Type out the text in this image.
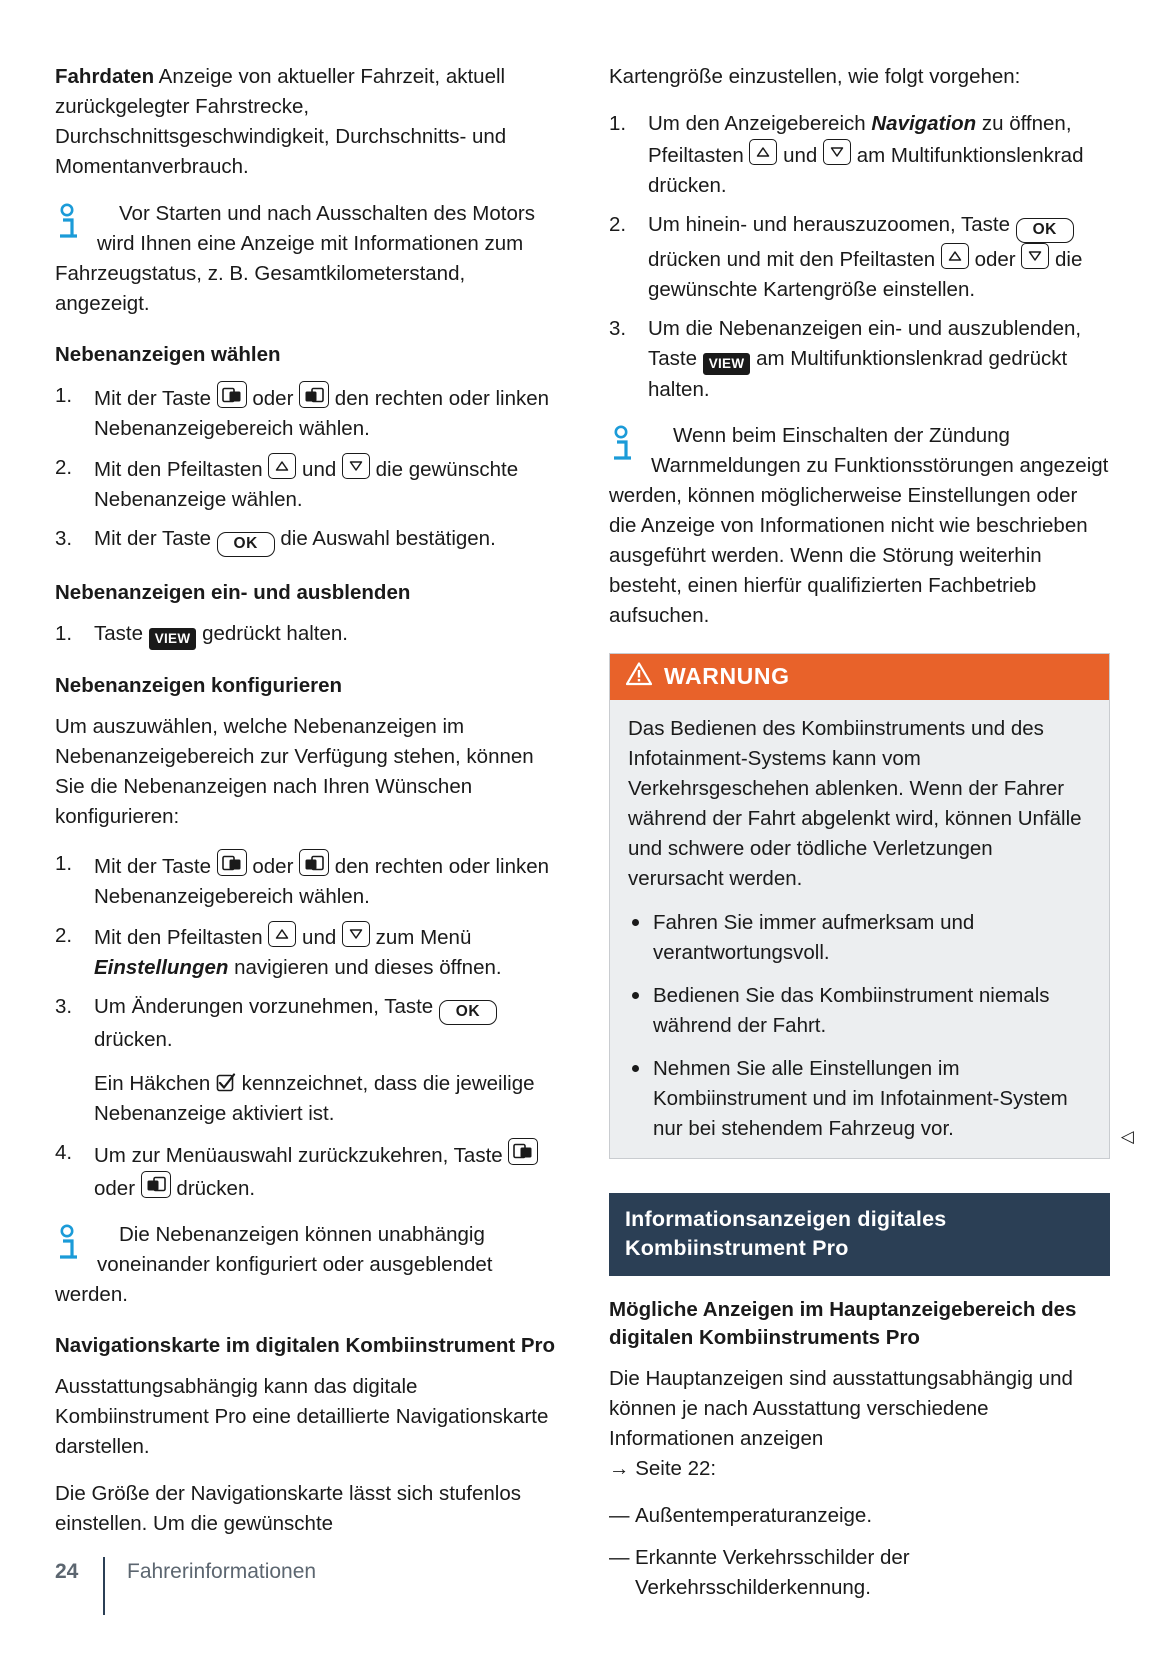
Fahrdaten Anzeige von aktueller Fahrzeit, aktuell zurückgelegter Fahrstrecke, Durchschnittsgeschwindigkeit, Durchschnitts- und Momentanverbrauch.

Vor Starten und nach Ausschalten des Motors wird Ihnen eine Anzeige mit Informationen zum Fahrzeugstatus, z. B. Gesamtkilometerstand, angezeigt.
Nebenanzeigen wählen
1.	Mit der Taste
oder
den rechten oder linken Nebenanzeigebereich wählen.
2.	Mit den Pfeiltasten
und
die gewünschte Nebenanzeige wählen.
3.	Mit der Taste OK die Auswahl bestätigen.
Nebenanzeigen ein- und ausblenden
1.	Taste VIEW gedrückt halten.
Nebenanzeigen konfigurieren

Um auszuwählen, welche Nebenanzeigen im Nebenanzeigebereich zur Verfügung stehen, können Sie die Nebenanzeigen nach Ihren Wünschen konfigurieren:

1.	Mit der Taste
oder
den rechten oder linken Nebenanzeigebereich wählen.
2.	Mit den Pfeiltasten
und
zum Menü Einstellungen navigieren und dieses öffnen.
3.	Um Änderungen vorzunehmen, Taste OK drücken.
Ein Häkchen  kennzeichnet, dass die jeweilige Nebenanzeige aktiviert ist.
4.	Um zur Menüauswahl zurückzukehren, Taste
oder
drücken.
Die Nebenanzeigen können unabhängig voneinander konfiguriert oder ausgeblendet werden.
Navigationskarte im digitalen Kombiinstrument Pro

Ausstattungsabhängig kann das digitale Kombiinstrument Pro eine detaillierte Navigationskarte darstellen.

Die Größe der Navigationskarte lässt sich stufenlos einstellen. Um die gewünschte

Kartengröße einzustellen, wie folgt vorgehen:

1.	Um den Anzeigebereich Navigation zu öffnen, Pfeiltasten
und
am Multifunktionslenkrad drücken.
2.	Um hinein- und herauszuzoomen, Taste OK drücken und mit den Pfeiltasten
oder
die gewünschte Kartengröße einstellen.
3.	Um die Nebenanzeigen ein- und auszublenden, Taste VIEW am Multifunktionslenkrad gedrückt halten.
Wenn beim Einschalten der Zündung Warnmeldungen zu Funktionsstörungen angezeigt werden, können möglicherweise Einstellungen oder die Anzeige von Informationen nicht wie beschrieben ausgeführt werden. Wenn die Störung weiterhin besteht, einen hierfür qualifizierten Fachbetrieb aufsuchen.
WARNUNG

Das Bedienen des Kombiinstruments und des Infotainment-Systems kann vom Verkehrsgeschehen ablenken. Wenn der Fahrer während der Fahrt abgelenkt wird, können Unfälle und schwere oder tödliche Verletzungen verursacht werden.

Fahren Sie immer aufmerksam und verantwortungsvoll.
Bedienen Sie das Kombiinstrument niemals während der Fahrt.
Nehmen Sie alle Einstellungen im Kombiinstrument und im Infotainment-System nur bei stehendem Fahrzeug vor.	◁
Informationsanzeigen digitales Kombiinstrument Pro
Mögliche Anzeigen im Hauptanzeigebereich des digitalen Kombiinstruments Pro

Die Hauptanzeigen sind ausstattungsabhängig und können je nach Ausstattung verschiedene Informationen anzeigen

→ Seite 22:

— Außentemperaturanzeige.
— Erkannte Verkehrsschilder der Verkehrsschilderkennung.
24	Fahrerinformationen
